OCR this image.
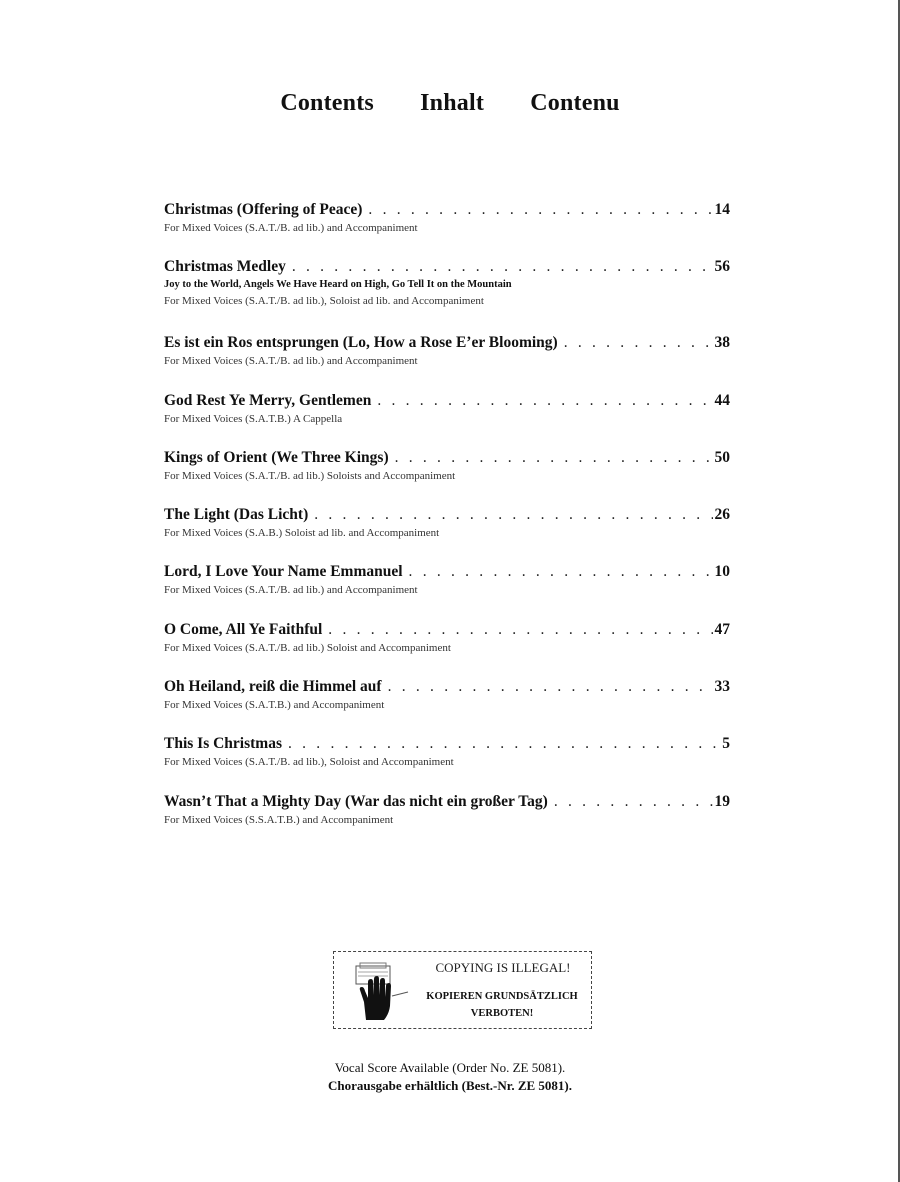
Contents Inhalt Contenu
Christmas (Offering of Peace) . . .	14
For Mixed Voices (S.A.T./B. ad lib.) and Accompaniment
Christmas Medley . . .	56
Joy to the World, Angels We Have Heard on High, Go Tell It on the Mountain
For Mixed Voices (S.A.T./B. ad lib.), Soloist ad lib. and Accompaniment
Es ist ein Ros entsprungen (Lo, How a Rose E’er Blooming) . . .	38
For Mixed Voices (S.A.T./B. ad lib.) and Accompaniment
God Rest Ye Merry, Gentlemen . . .	44
For Mixed Voices (S.A.T.B.) A Cappella
Kings of Orient (We Three Kings) . . .	50
For Mixed Voices (S.A.T./B. ad lib.) Soloists and Accompaniment
The Light (Das Licht) . . .	26
For Mixed Voices (S.A.B.) Soloist ad lib. and Accompaniment
Lord, I Love Your Name Emmanuel . . .	10
For Mixed Voices (S.A.T./B. ad lib.) and Accompaniment
O Come, All Ye Faithful . . .	47
For Mixed Voices (S.A.T./B. ad lib.) Soloist and Accompaniment
Oh Heiland, reiß die Himmel auf . . .	33
For Mixed Voices (S.A.T.B.) and Accompaniment
This Is Christmas . . .	5
For Mixed Voices (S.A.T./B. ad lib.), Soloist and Accompaniment
Wasn’t That a Mighty Day (War das nicht ein großer Tag) . . .	19
For Mixed Voices (S.S.A.T.B.) and Accompaniment
COPYING IS ILLEGAL!
KOPIEREN GRUNDSÄTZLICH
VERBOTEN!
Vocal Score Available (Order No. ZE 5081).
Chorausgabe erhältlich (Best.-Nr. ZE 5081).
